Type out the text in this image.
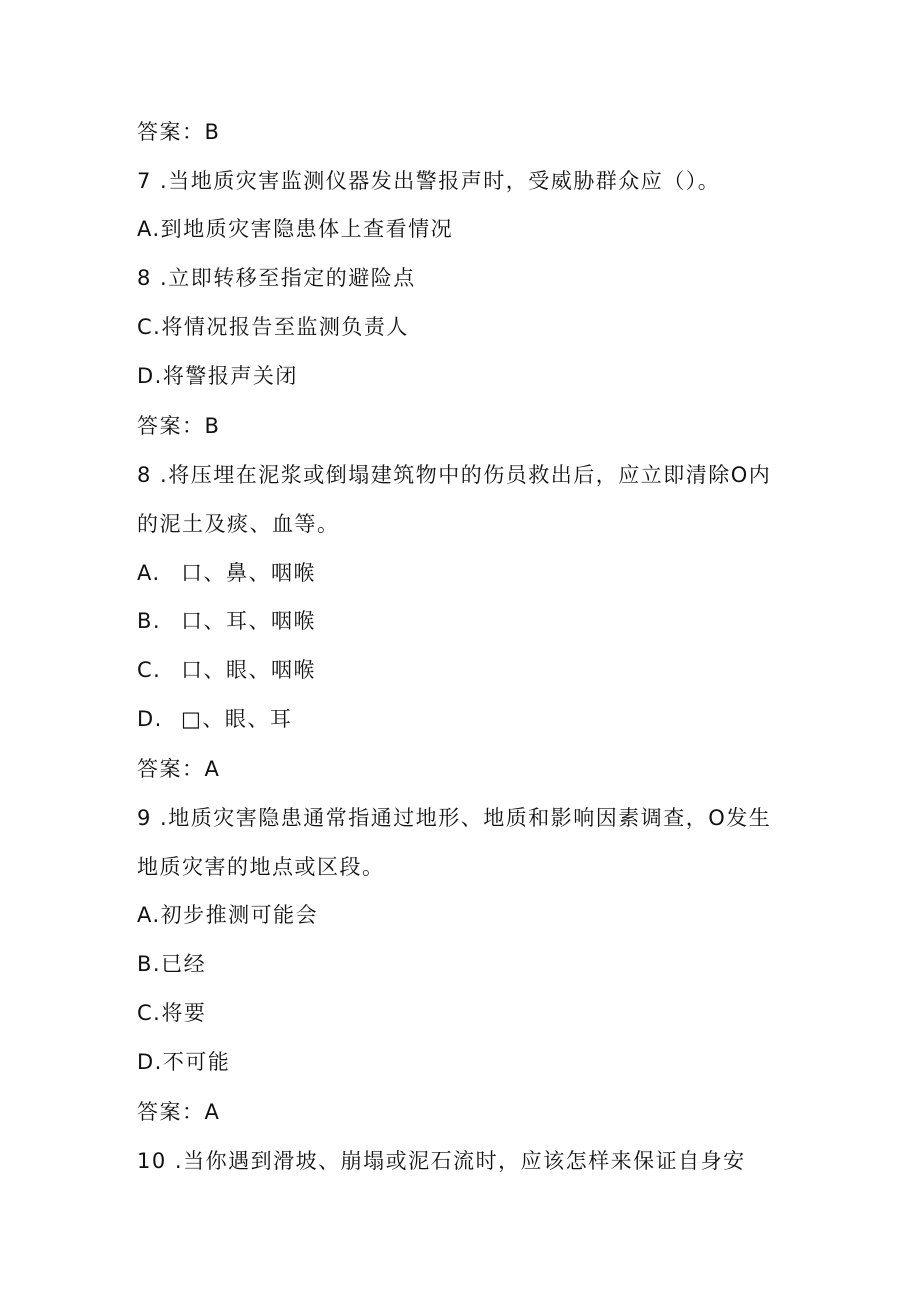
答案：B
7 .当地质灾害监测仪器发出警报声时，受威胁群众应（）。
A.到地质灾害隐患体上查看情况
8 .立即转移至指定的避险点
C.将情况报告至监测负责人
D.将警报声关闭
答案：B
8 .将压埋在泥浆或倒塌建筑物中的伤员救出后，应立即清除O内
的泥土及痰、血等。
A. 口、鼻、咽喉
B. 口、耳、咽喉
C. 口、眼、咽喉
D. □、眼、耳
答案：A
9 .地质灾害隐患通常指通过地形、地质和影响因素调查，O发生
地质灾害的地点或区段。
A.初步推测可能会
B.已经
C.将要
D.不可能
答案：A
10 .当你遇到滑坡、崩塌或泥石流时，应该怎样来保证自身安
